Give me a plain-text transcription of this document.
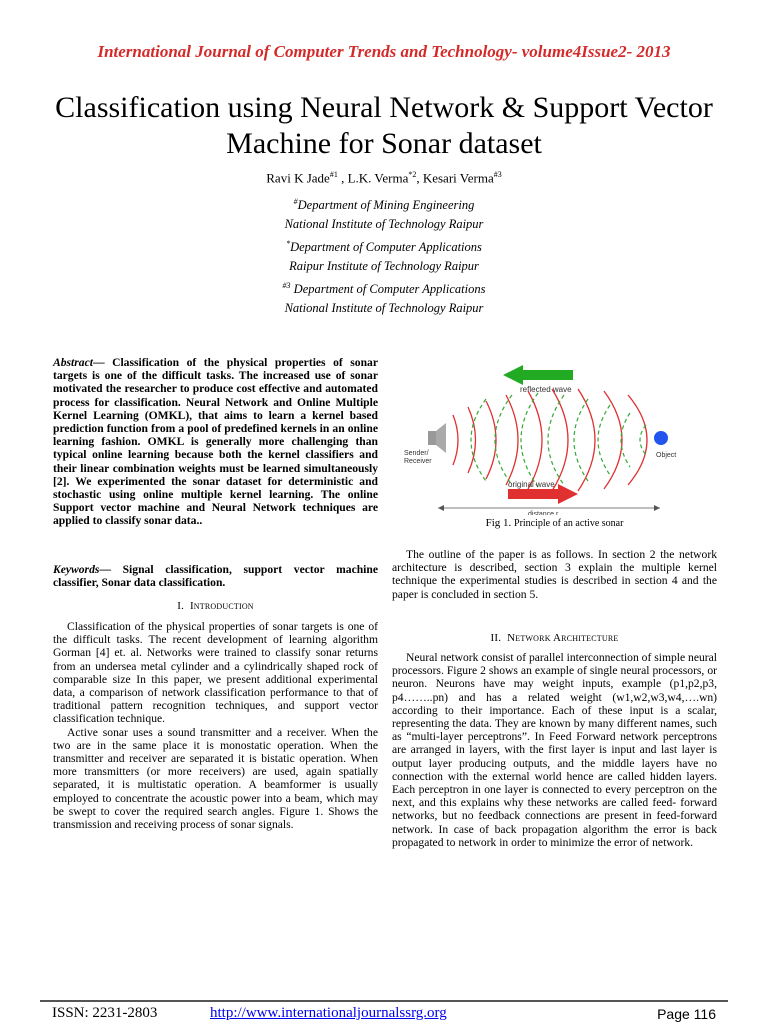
International Journal of Computer Trends and Technology- volume4Issue2- 2013
Classification using Neural Network & Support Vector Machine for Sonar dataset
Ravi K Jade$^{\#1}$ , L.K. Verma$^{*2}$, Kesari Verma$^{\#3}$
#Department of Mining Engineering
National Institute of Technology Raipur
*Department of Computer Applications
Raipur Institute of Technology Raipur
$^{\#3}$ Department of Computer Applications
National Institute of Technology Raipur
Abstract— Classification of the physical properties of sonar targets is one of the difficult tasks. The increased use of sonar motivated the researcher to produce cost effective and automated process for classification. Neural Network and Online Multiple Kernel Learning (OMKL), that aims to learn a kernel based prediction function from a pool of predefined kernels in an online learning fashion. OMKL is generally more challenging than typical online learning because both the kernel classifiers and their linear combination weights must be learned simultaneously [2]. We experimented the sonar dataset for deterministic and stochastic using online multiple kernel learning. The online Support vector machine and Neural Network techniques are applied to classify sonar data..
Keywords— Signal classification, support vector machine classifier, Sonar data classification.
I. Introduction

Classification of the physical properties of sonar targets is one of the difficult tasks. The recent development of learning algorithm Gorman [4] et. al. Networks were trained to classify sonar returns from an undersea metal cylinder and a cylindrically shaped rock of comparable size In this paper, we present additional experimental data, a comparison of network classification performance to that of traditional pattern recognition techniques, and support vector classification technique.

Active sonar uses a sound transmitter and a receiver. When the two are in the same place it is monostatic operation. When the transmitter and receiver are separated it is bistatic operation. When more transmitters (or more receivers) are used, again spatially separated, it is multistatic operation. A beamformer is usually employed to concentrate the acoustic power into a beam, which may be swept to cover the required search angles. Figure 1. Shows the transmission and receiving process of sonar signals.

reflected wave
Sender/ Receiver
Object
original wave
distance r
Fig 1. Principle of an active sonar

The outline of the paper is as follows. In section 2 the network architecture is described, section 3 explain the multiple kernel technique the experimental studies is described in section 4 and the paper is concluded in section 5.

II. Network Architecture

Neural network consist of parallel interconnection of simple neural processors. Figure 2 shows an example of single neural processors, or neuron. Neurons have may weight inputs, example (p1,p2,p3, p4……..pn) and has a related weight (w1,w2,w3,w4,….wn) according to their importance. Each of these input is a scalar, representing the data. They are known by many different names, such as “multi-layer perceptrons”. In Feed Forward network perceptrons are arranged in layers, with the first layer is input and last layer is output layer producing outputs, and the middle layers have no connection with the external world hence are called hidden layers. Each perceptron in one layer is connected to every perceptron on the next, and this explains why these networks are called feed- forward networks, but no feedback connections are present in feed-forward network. In case of back propagation algorithm the error is back propagated to network in order to minimize the error of network.

ISSN: 2231-2803	http://www.internationaljournalssrg.org	Page 116
